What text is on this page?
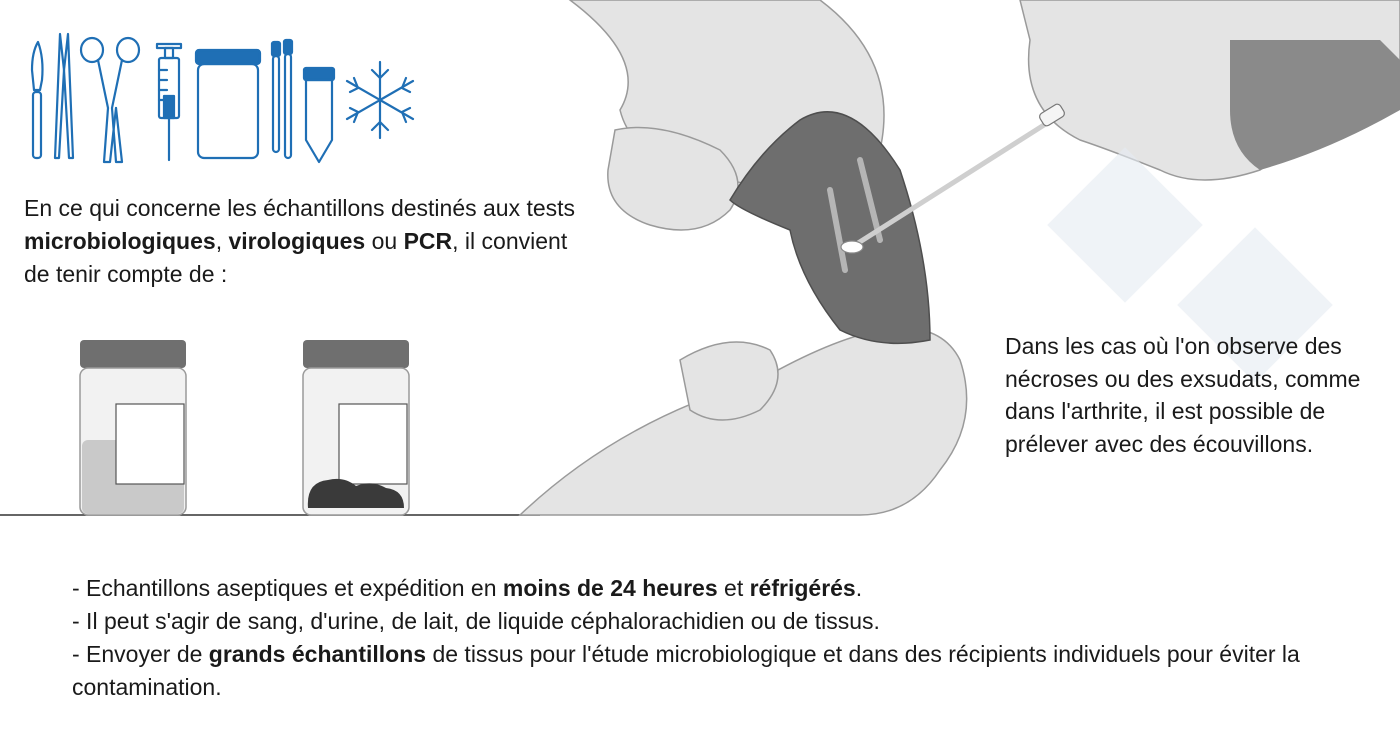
En ce qui concerne les échantillons destinés aux tests microbiologiques, virologiques ou PCR, il convient de tenir compte de :

Dans les cas où l'on observe des nécroses ou des exsudats, comme dans l'arthrite, il est possible de prélever avec des écouvillons.

- Echantillons aseptiques et expédition en moins de 24 heures et réfrigérés.
- Il peut s'agir de sang, d'urine, de lait, de liquide céphalorachidien ou de tissus.
- Envoyer de grands échantillons de tissus pour l'étude microbiologique et dans des récipients individuels pour éviter la contamination.
